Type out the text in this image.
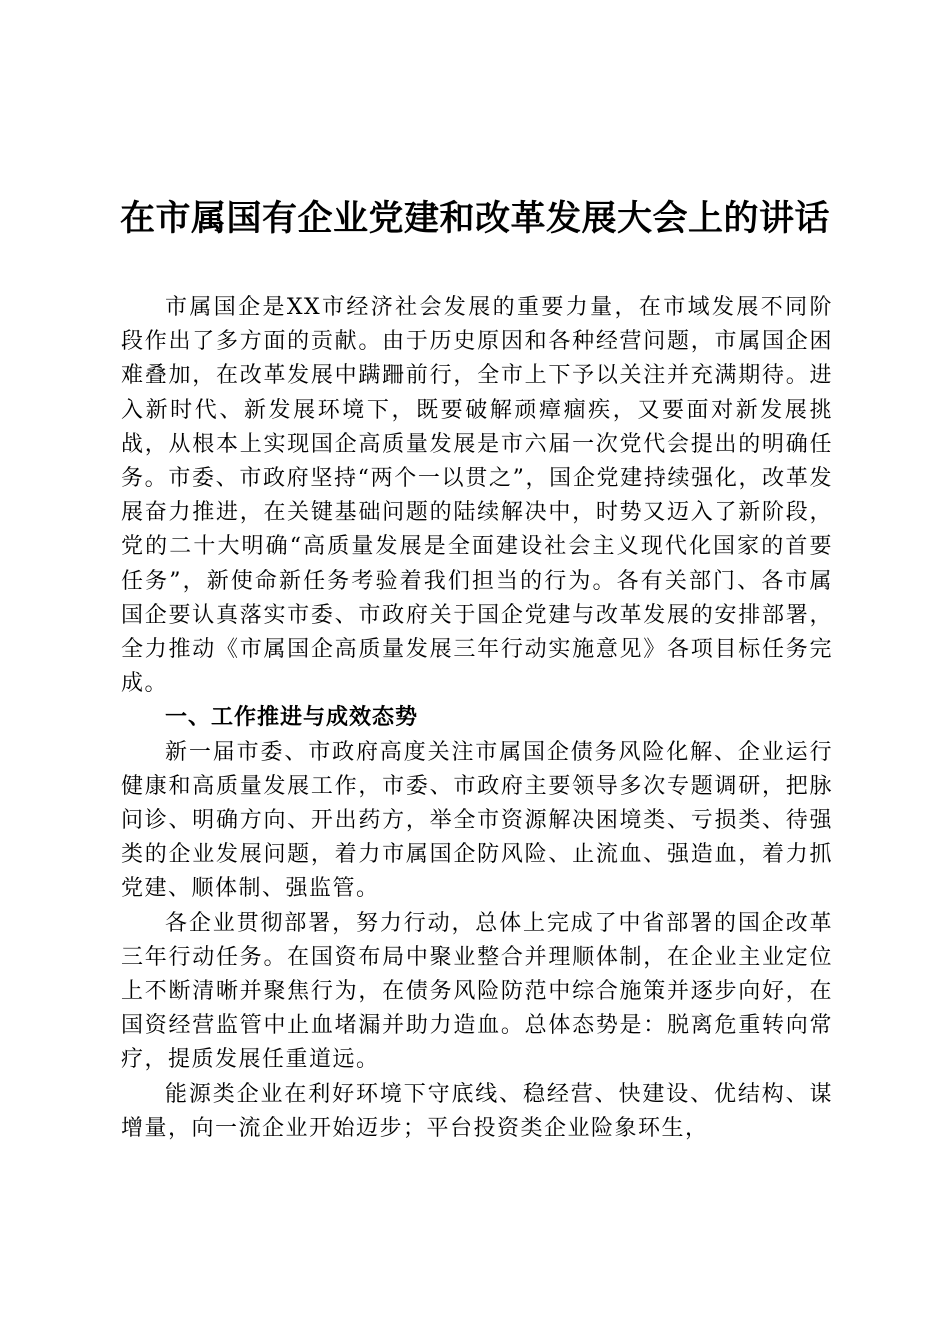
在市属国有企业党建和改革发展大会上的讲话

市属国企是XX市经济社会发展的重要力量，在市域发展不同阶段作出了多方面的贡献。由于历史原因和各种经营问题，市属国企困难叠加，在改革发展中蹒跚前行，全市上下予以关注并充满期待。进入新时代、新发展环境下，既要破解顽瘴痼疾，又要面对新发展挑战，从根本上实现国企高质量发展是市六届一次党代会提出的明确任务。市委、市政府坚持“两个一以贯之”，国企党建持续强化，改革发展奋力推进，在关键基础问题的陆续解决中，时势又迈入了新阶段，党的二十大明确“高质量发展是全面建设社会主义现代化国家的首要任务”，新使命新任务考验着我们担当的行为。各有关部门、各市属国企要认真落实市委、市政府关于国企党建与改革发展的安排部署，全力推动《市属国企高质量发展三年行动实施意见》各项目标任务完成。

一、工作推进与成效态势

新一届市委、市政府高度关注市属国企债务风险化解、企业运行健康和高质量发展工作，市委、市政府主要领导多次专题调研，把脉问诊、明确方向、开出药方，举全市资源解决困境类、亏损类、待强类的企业发展问题，着力市属国企防风险、止流血、强造血，着力抓党建、顺体制、强监管。

各企业贯彻部署，努力行动，总体上完成了中省部署的国企改革三年行动任务。在国资布局中聚业整合并理顺体制，在企业主业定位上不断清晰并聚焦行为，在债务风险防范中综合施策并逐步向好，在国资经营监管中止血堵漏并助力造血。总体态势是：脱离危重转向常疗，提质发展任重道远。

能源类企业在利好环境下守底线、稳经营、快建设、优结构、谋增量，向一流企业开始迈步；平台投资类企业险象环生，
